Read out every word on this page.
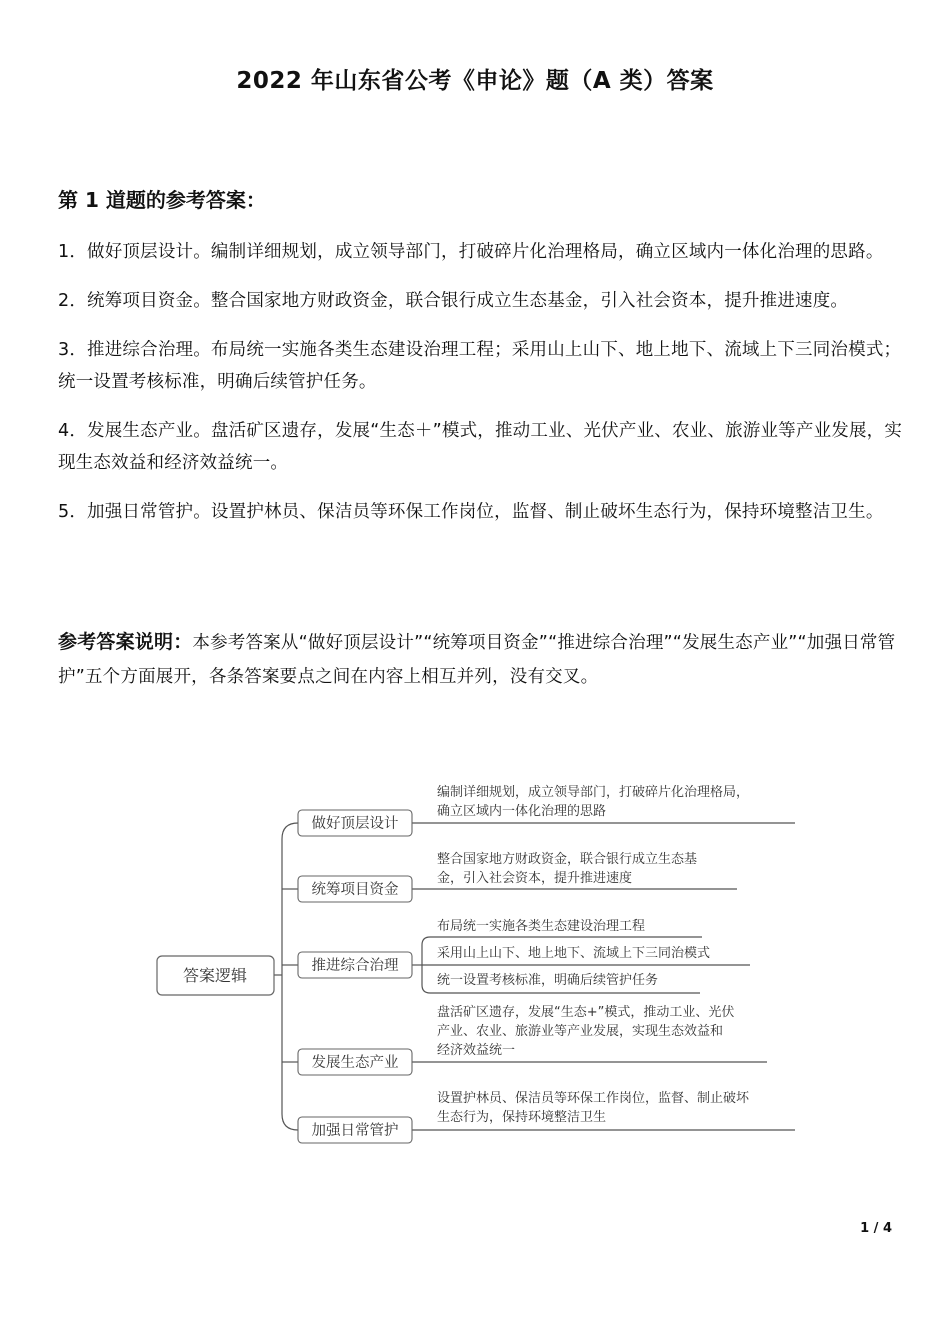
2022 年山东省公考《申论》题（A 类）答案
第 1 道题的参考答案：
1．做好顶层设计。编制详细规划，成立领导部门，打破碎片化治理格局，确立区域内一体化治理的思路。
2．统筹项目资金。整合国家地方财政资金，联合银行成立生态基金，引入社会资本，提升推进速度。
3．推进综合治理。布局统一实施各类生态建设治理工程；采用山上山下、地上地下、流域上下三同治模式；统一设置考核标准，明确后续管护任务。
4．发展生态产业。盘活矿区遗存，发展“生态＋”模式，推动工业、光伏产业、农业、旅游业等产业发展，实现生态效益和经济效益统一。
5．加强日常管护。设置护林员、保洁员等环保工作岗位，监督、制止破坏生态行为，保持环境整洁卫生。
参考答案说明：本参考答案从“做好顶层设计”“统筹项目资金”“推进综合治理”“发展生态产业”“加强日常管护”五个方面展开，各条答案要点之间在内容上相互并列，没有交叉。
答案逻辑
做好顶层设计
统筹项目资金
推进综合治理
发展生态产业
加强日常管护
编制详细规划，成立领导部门，打破碎片化治理格局，
确立区域内一体化治理的思路
整合国家地方财政资金，联合银行成立生态基
金，引入社会资本，提升推进速度
布局统一实施各类生态建设治理工程
采用山上山下、地上地下、流域上下三同治模式
统一设置考核标准，明确后续管护任务
盘活矿区遗存，发展“生态+”模式，推动工业、光伏
产业、农业、旅游业等产业发展，实现生态效益和
经济效益统一
设置护林员、保洁员等环保工作岗位，监督、制止破坏
生态行为，保持环境整洁卫生
1 / 4
